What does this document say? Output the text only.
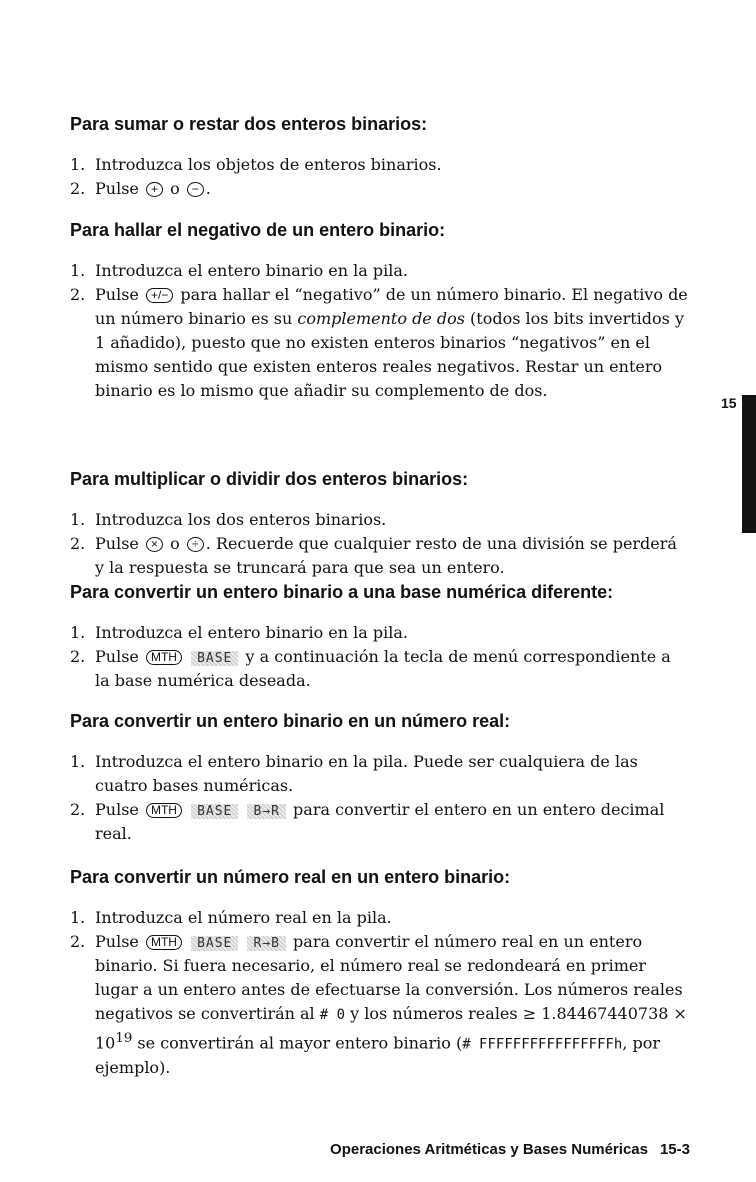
Para sumar o restar dos enteros binarios:
1. Introduzca los objetos de enteros binarios.
2. Pulse + o − .
Para hallar el negativo de un entero binario:
1. Introduzca el entero binario en la pila.
2. Pulse +/− para hallar el “negativo” de un número binario. El negativo de un número binario es su complemento de dos (todos los bits invertidos y 1 añadido), puesto que no existen enteros binarios “negativos” en el mismo sentido que existen enteros reales negativos. Restar un entero binario es lo mismo que añadir su complemento de dos.
Para multiplicar o dividir dos enteros binarios:
1. Introduzca los dos enteros binarios.
2. Pulse × o ÷ . Recuerde que cualquier resto de una división se perderá y la respuesta se truncará para que sea un entero.
Para convertir un entero binario a una base numérica diferente:
1. Introduzca el entero binario en la pila.
2. Pulse MTH BASE y a continuación la tecla de menú correspondiente a la base numérica deseada.
Para convertir un entero binario en un número real:
1. Introduzca el entero binario en la pila. Puede ser cualquiera de las cuatro bases numéricas.
2. Pulse MTH BASE B→R para convertir el entero en un entero decimal real.
Para convertir un número real en un entero binario:
1. Introduzca el número real en la pila.
2. Pulse MTH BASE R→B para convertir el número real en un entero binario. Si fuera necesario, el número real se redondeará en primer lugar a un entero antes de efectuarse la conversión. Los números reales negativos se convertirán al # 0 y los números reales ≥ $1.84467440738 \times 10^{19}$ se convertirán al mayor entero binario (# FFFFFFFFFFFFFFFFh, por ejemplo).
15
Operaciones Aritméticas y Bases Numéricas 15-3
